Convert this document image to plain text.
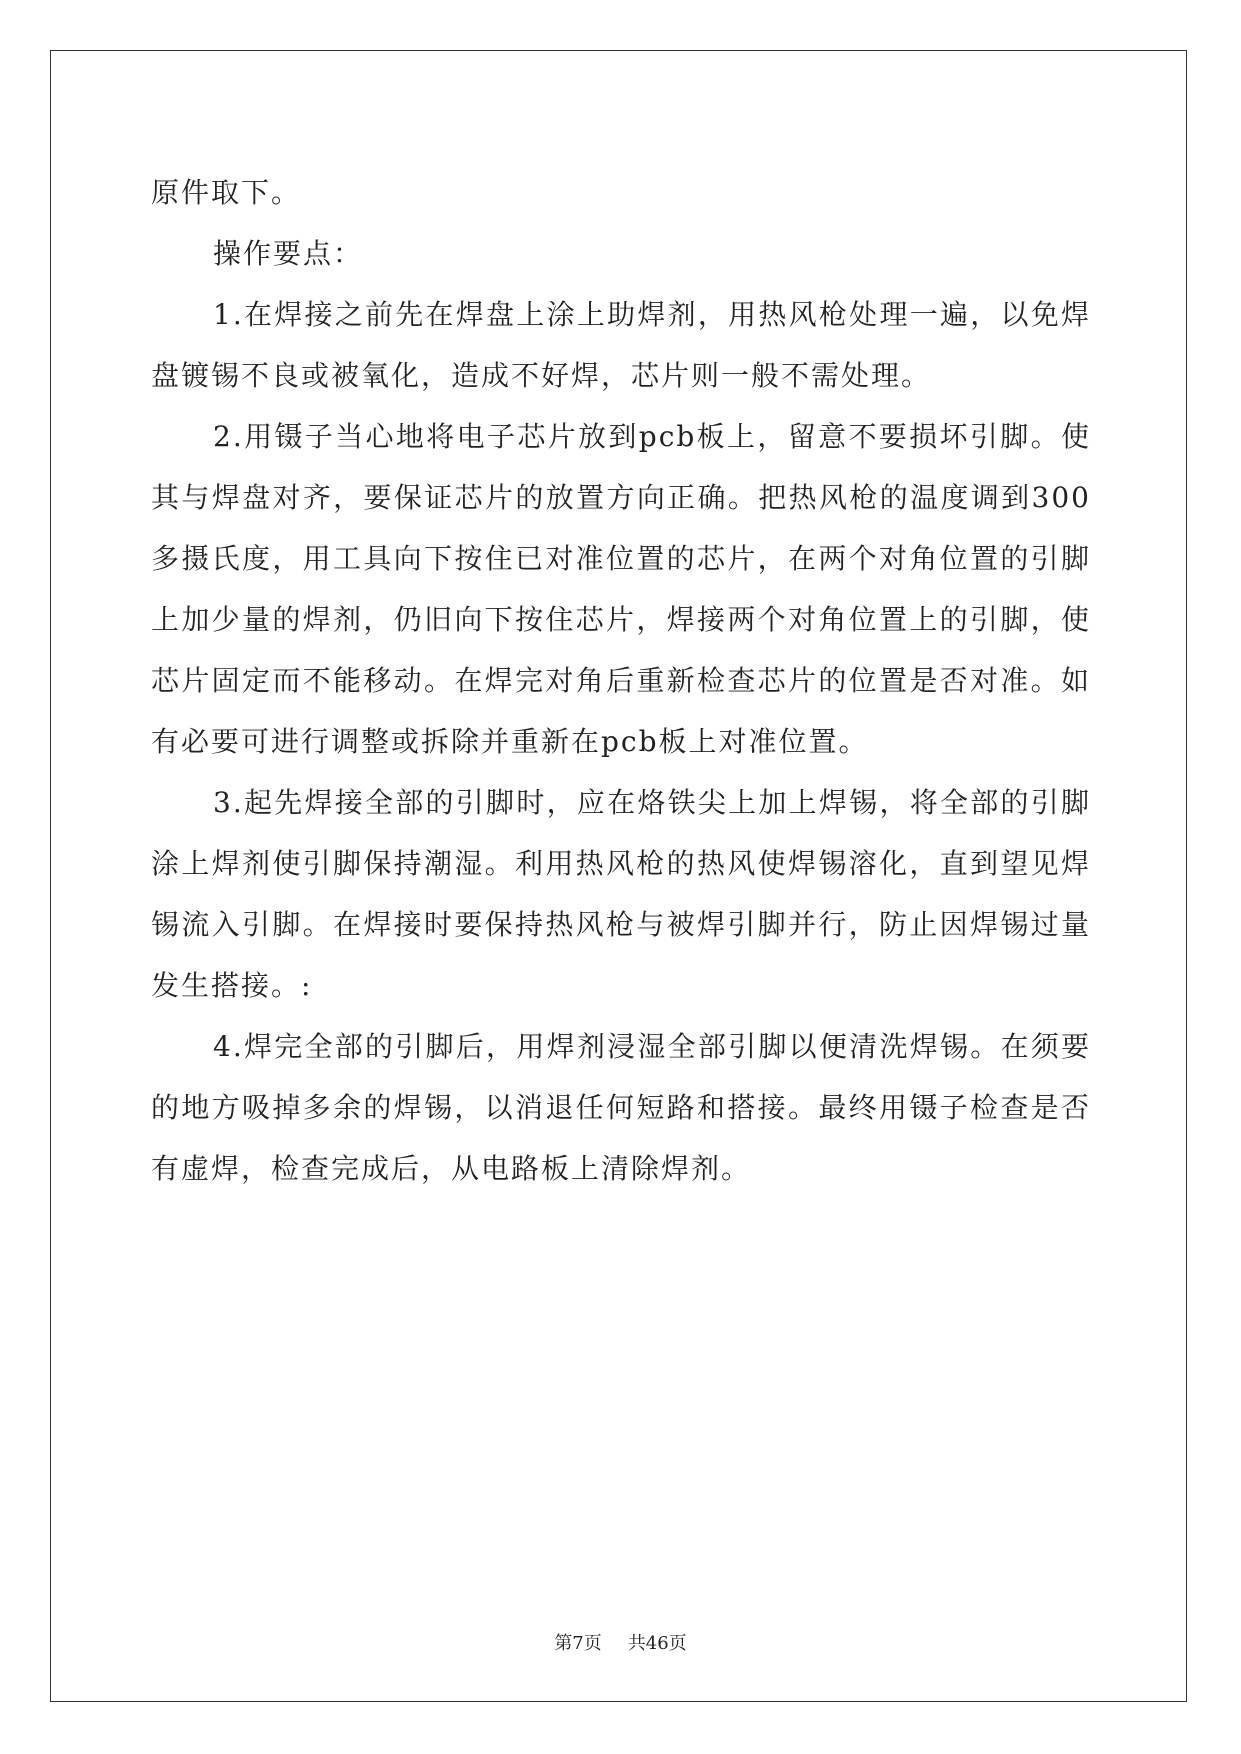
原件取下。

操作要点：

1.在焊接之前先在焊盘上涂上助焊剂，用热风枪处理一遍，以免焊盘镀锡不良或被氧化，造成不好焊，芯片则一般不需处理。

2.用镊子当心地将电子芯片放到pcb板上，留意不要损坏引脚。使其与焊盘对齐，要保证芯片的放置方向正确。把热风枪的温度调到300多摄氏度，用工具向下按住已对准位置的芯片，在两个对角位置的引脚上加少量的焊剂，仍旧向下按住芯片，焊接两个对角位置上的引脚，使芯片固定而不能移动。在焊完对角后重新检查芯片的位置是否对准。如有必要可进行调整或拆除并重新在pcb板上对准位置。

3.起先焊接全部的引脚时，应在烙铁尖上加上焊锡，将全部的引脚涂上焊剂使引脚保持潮湿。利用热风枪的热风使焊锡溶化，直到望见焊锡流入引脚。在焊接时要保持热风枪与被焊引脚并行，防止因焊锡过量发生搭接。:

4.焊完全部的引脚后，用焊剂浸湿全部引脚以便清洗焊锡。在须要的地方吸掉多余的焊锡，以消退任何短路和搭接。最终用镊子检查是否有虚焊，检查完成后，从电路板上清除焊剂。

第7页 共46页
